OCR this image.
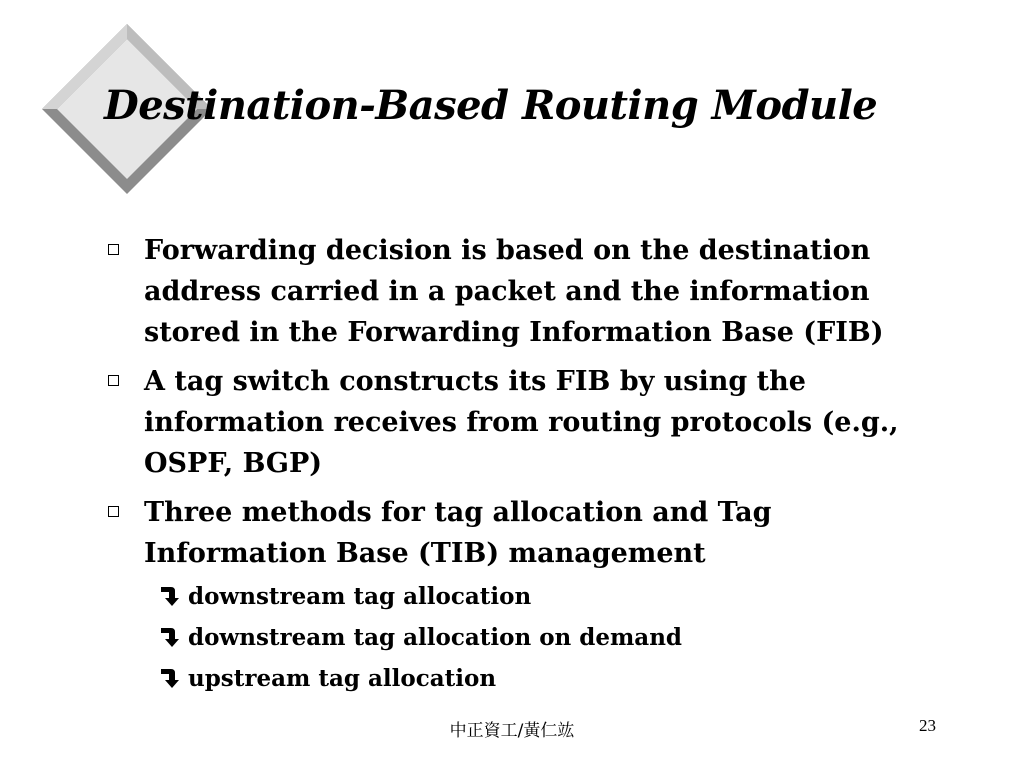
Destination-Based Routing Module
Forwarding decision is based on the destination address carried in a packet and the information stored in the Forwarding Information Base (FIB)
A tag switch constructs its FIB by using the information receives from routing protocols (e.g., OSPF, BGP)
Three methods for tag allocation and Tag Information Base (TIB) management
downstream tag allocation
downstream tag allocation on demand
upstream tag allocation
中正資工/黃仁竑	23
